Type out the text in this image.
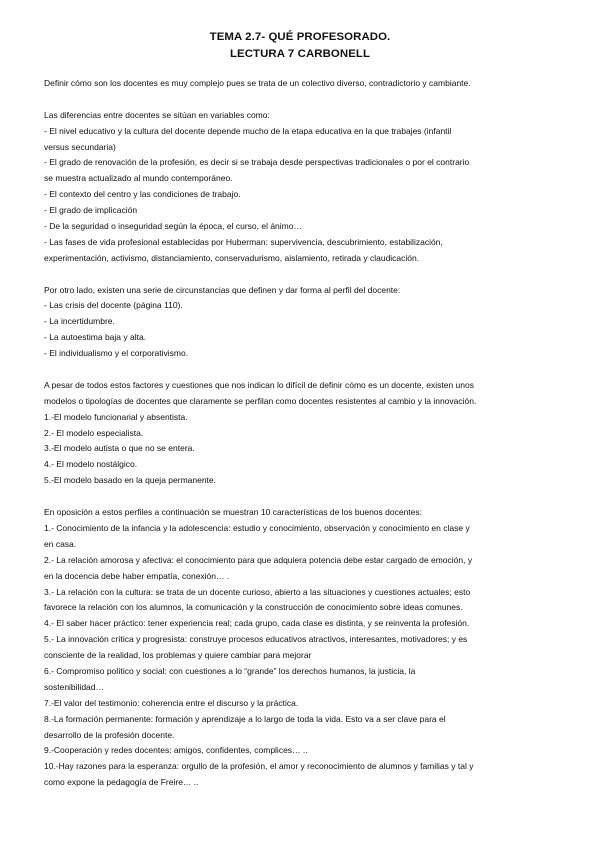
TEMA 2.7- QUÉ PROFESORADO.
LECTURA 7 CARBONELL
Definir cómo son los docentes es muy complejo pues se trata de un colectivo diverso, contradictorio y cambiante.
Las diferencias entre docentes se sitúan en variables como:
- El nivel educativo y la cultura del docente depende mucho de la etapa educativa en la que trabajes (infantil
versus secundaria)
- El grado de renovación de la profesión, es decir si se trabaja desde perspectivas tradicionales o por el contrario
se muestra actualizado al mundo contemporáneo.
- El contexto del centro y las condiciones de trabajo.
- El grado de implicación
- De la seguridad o inseguridad según la época, el curso, el ánimo…
- Las fases de vida profesional establecidas por Huberman: supervivencia, descubrimiento, estabilización,
experimentación, activismo, distanciamiento, conservadurismo, aislamiento, retirada y claudicación.
Por otro lado, existen una serie de circunstancias que definen y dar forma al perfil del docente:
- Las crisis del docente (página 110).
- La incertidumbre.
- La autoestima baja y alta.
- El individualismo y el corporativismo.
A pesar de todos estos factores y cuestiones que nos indican lo difícil de definir cómo es un docente, existen unos
modelos o tipologías de docentes que claramente se perfilan como docentes resistentes al cambio y la innovación.
1.-El modelo funcionarial y absentista.
2.- El modelo especialista.
3.-El modelo autista o que no se entera.
4.- El modelo nostálgico.
5.-El modelo basado en la queja permanente.
En oposición a estos perfiles a continuación se muestran 10 características de los buenos docentes:
1.- Conocimiento de la infancia y la adolescencia: estudio y conocimiento, observación y conocimiento en clase y
en casa.
2.- La relación amorosa y afectiva: el conocimiento para que adquiera potencia debe estar cargado de emoción, y
en la docencia debe haber empatía, conexión… .
3.- La relación con la cultura: se trata de un docente curioso, abierto a las situaciones y cuestiones actuales; esto
favorece la relación con los alumnos, la comunicación y la construcción de conocimiento sobre ideas comunes.
4.- El saber hacer práctico: tener experiencia real; cada grupo, cada clase es distinta, y se reinventa la profesión.
5.- La innovación crítica y progresista: construye procesos educativos atractivos, interesantes, motivadores; y es
consciente de la realidad, los problemas y quiere cambiar para mejorar
6.- Compromiso político y social: con cuestiones a lo “grande” los derechos humanos, la justicia, la
sostenibilidad…
7.-El valor del testimonio: coherencia entre el discurso y la práctica.
8.-La formación permanente: formación y aprendizaje a lo largo de toda la vida. Esto va a ser clave para el
desarrollo de la profesión docente.
9.-Cooperación y redes docentes: amigos, confidentes, complices… ..
10.-Hay razones para la esperanza: orgullo de la profesión, el amor y reconocimiento de alumnos y familias y tal y
como expone la pedagogía de Freire… ..
